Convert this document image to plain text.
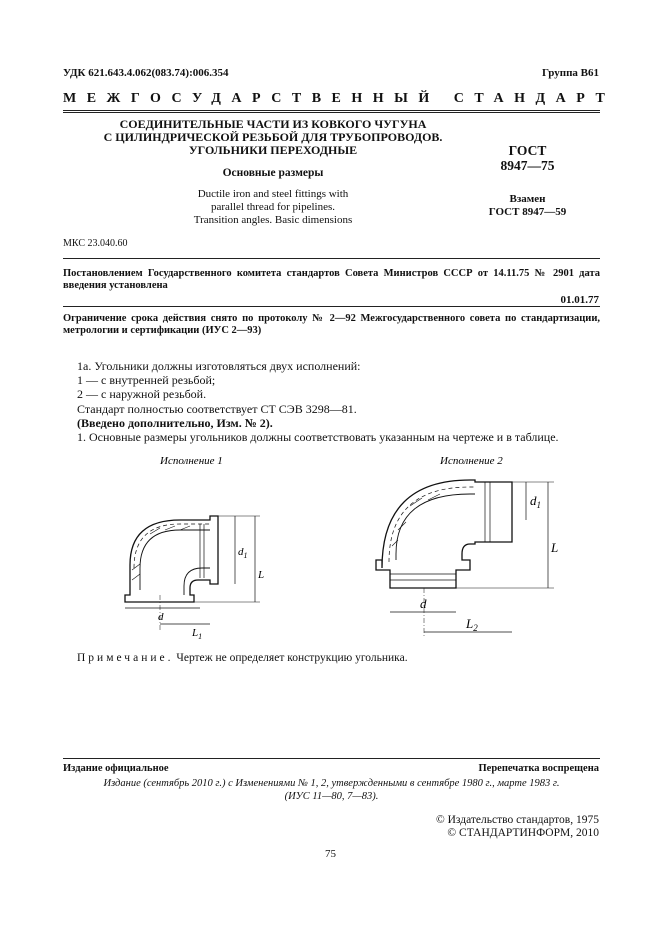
УДК 621.643.4.062(083.74):006.354	Группа В61
МЕЖГОСУДАРСТВЕННЫЙ СТАНДАРТ
СОЕДИНИТЕЛЬНЫЕ ЧАСТИ ИЗ КОВКОГО ЧУГУНА
С ЦИЛИНДРИЧЕСКОЙ РЕЗЬБОЙ ДЛЯ ТРУБОПРОВОДОВ.
УГОЛЬНИКИ ПЕРЕХОДНЫЕ
Основные размеры
Ductile iron and steel fittings with
parallel thread for pipelines.
Transition angles. Basic dimensions
ГОСТ
8947—75
Взамен
ГОСТ 8947—59
МКС 23.040.60
Постановлением Государственного комитета стандартов Совета Министров СССР от 14.11.75 № 2901 дата введения установлена
01.01.77
Ограничение срока действия снято по протоколу № 2—92 Межгосударственного совета по стандартизации, метрологии и сертификации (ИУС 2—93)
1а. Угольники должны изготовляться двух исполнений:
1 — с внутренней резьбой;
2 — с наружной резьбой.
Стандарт полностью соответствует СТ СЭВ 3298—81.
(Введено дополнительно, Изм. № 2).
1. Основные размеры угольников должны соответствовать указанным на чертеже и в таблице.
Исполнение 1
$d_1$
L
d
$L_1$
Исполнение 2
$d_1$
L
d
$L_2$
Примечание. Чертеж не определяет конструкцию угольника.
Издание официальное	Перепечатка воспрещена
Издание (сентябрь 2010 г.) с Изменениями № 1, 2, утвержденными в сентябре 1980 г., марте 1983 г.
(ИУС 11—80, 7—83).
© Издательство стандартов, 1975
© СТАНДАРТИНФОРМ, 2010
75
